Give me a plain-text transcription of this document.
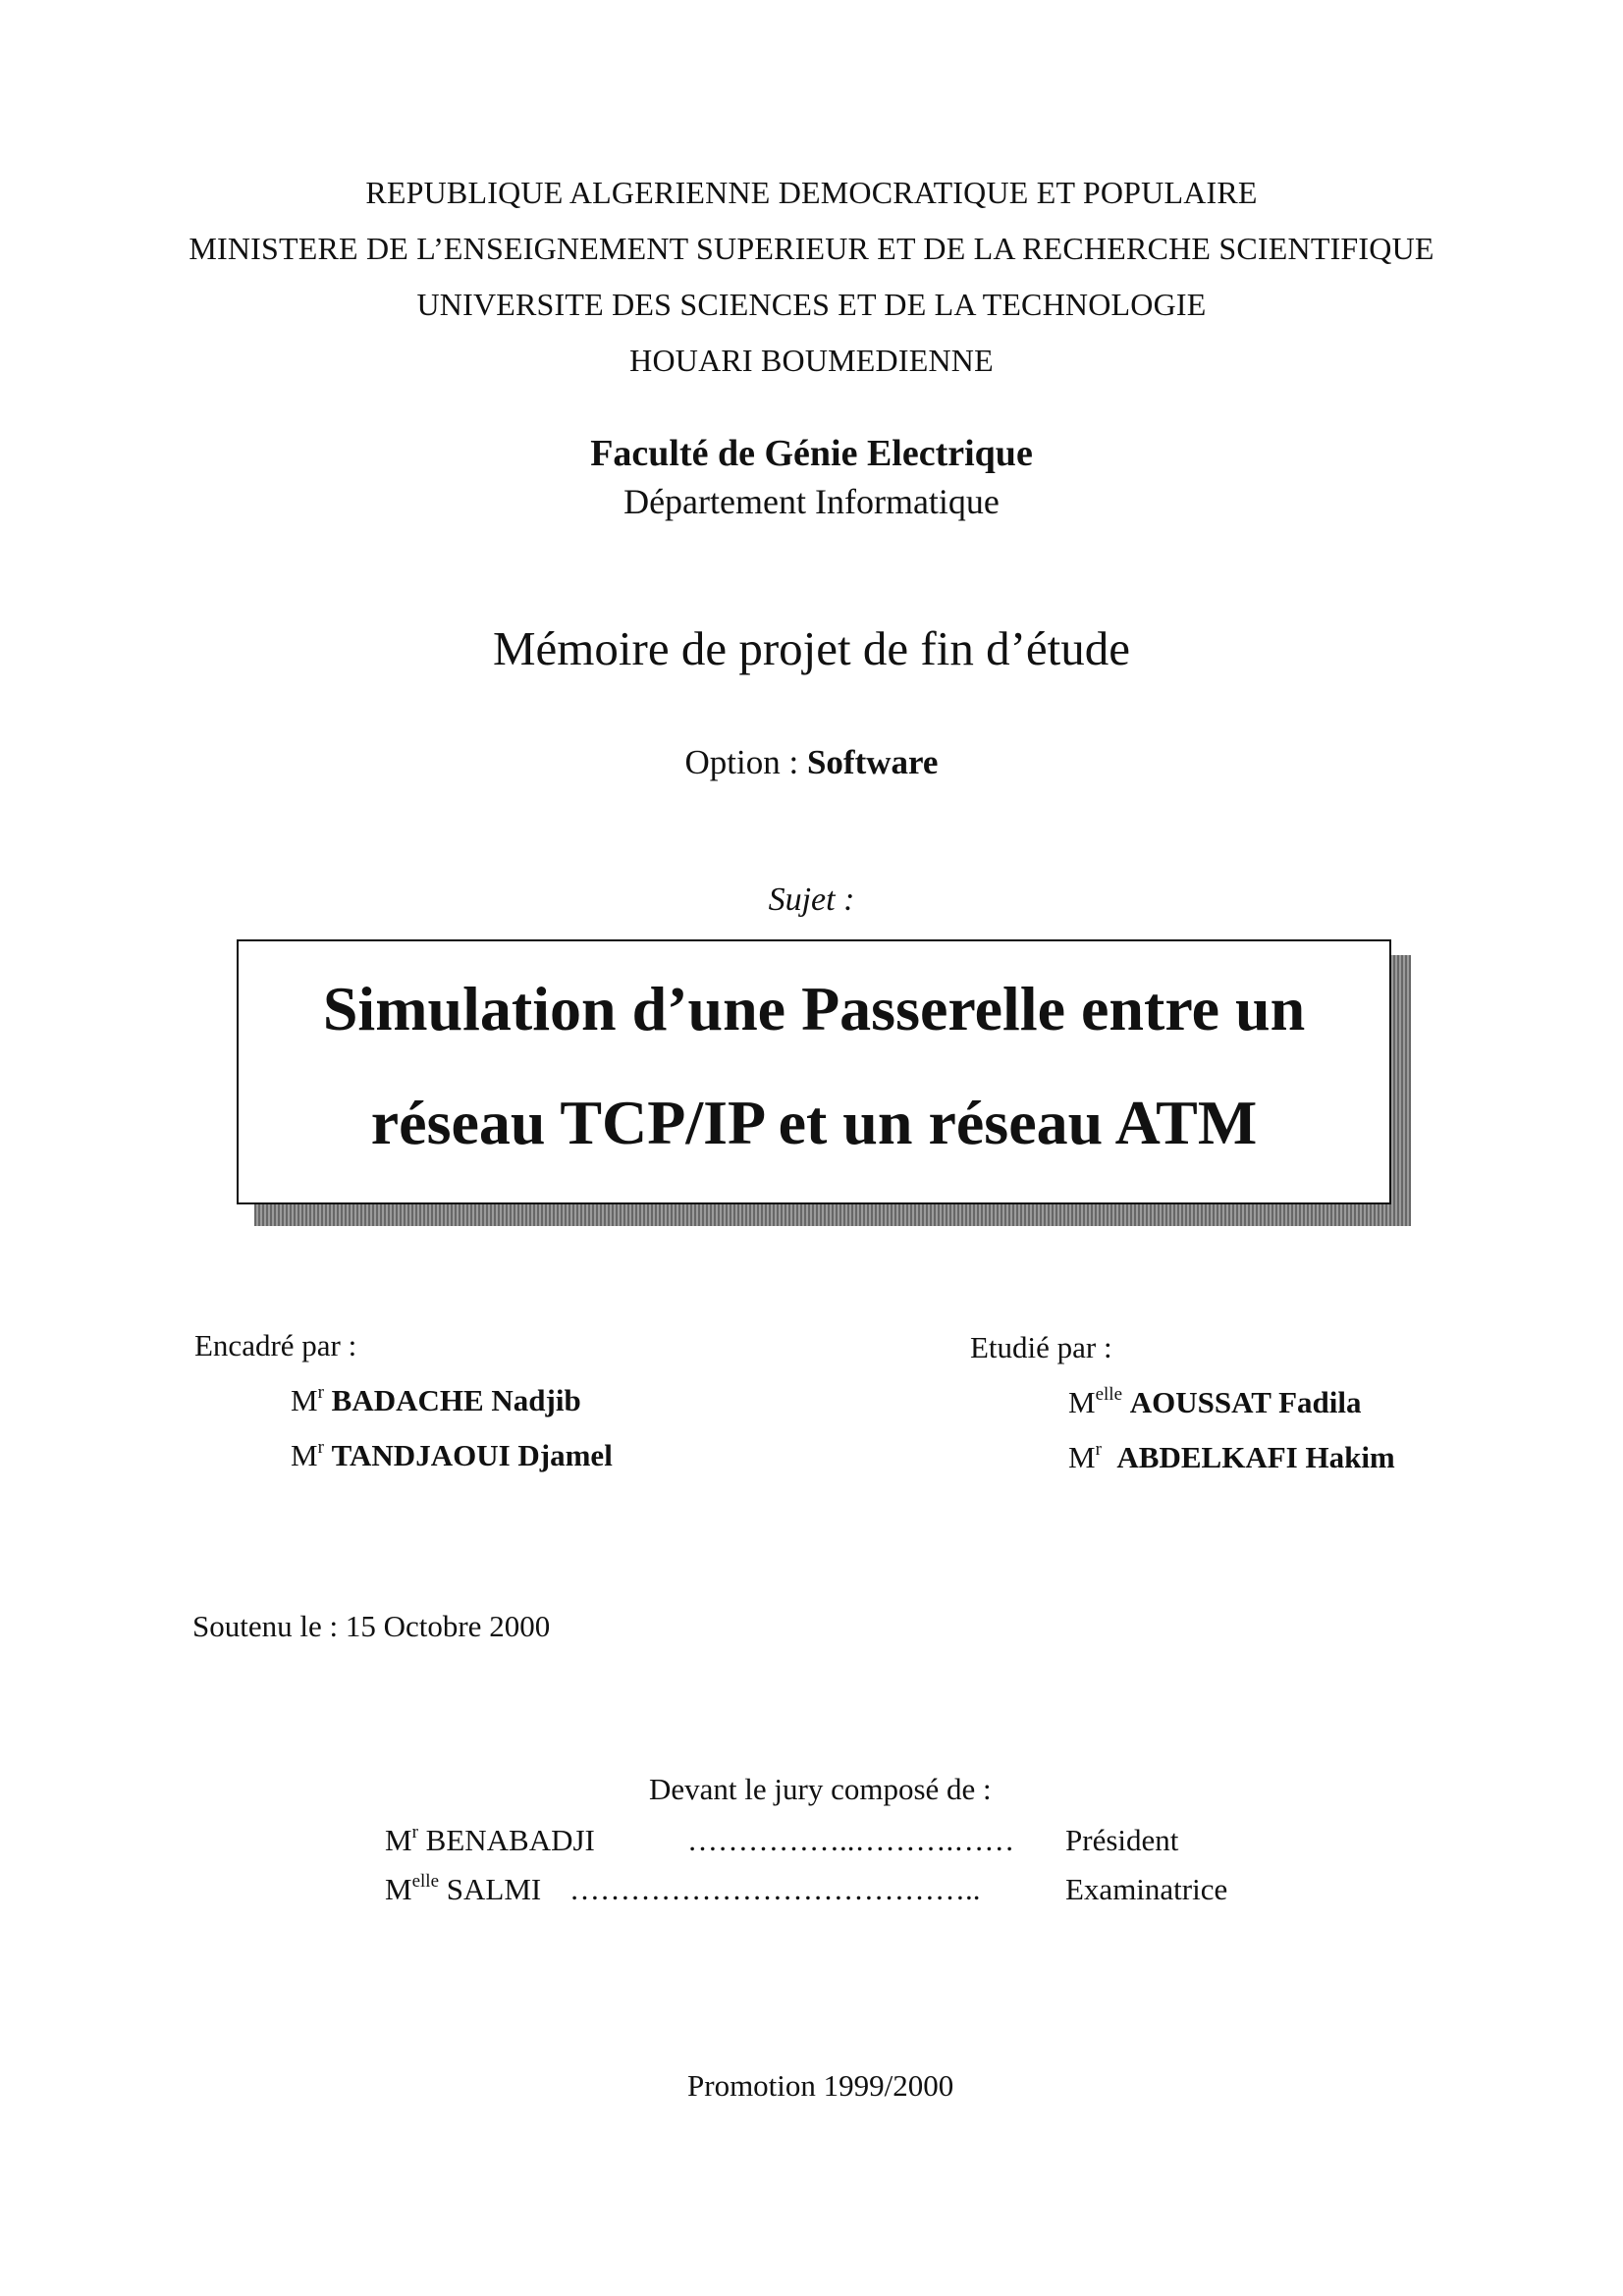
REPUBLIQUE ALGERIENNE DEMOCRATIQUE ET POPULAIRE
MINISTERE DE L’ENSEIGNEMENT SUPERIEUR ET DE LA RECHERCHE SCIENTIFIQUE
UNIVERSITE DES SCIENCES ET DE LA TECHNOLOGIE
HOUARI BOUMEDIENNE
Faculté de Génie Electrique
Département Informatique
Mémoire de projet de fin d’étude
Option : Software
Sujet :
Simulation d’une Passerelle entre un
réseau TCP/IP et un réseau ATM
Encadré par :
$M^r$ BADACHE Nadjib
$M^r$ TANDJAOUI Djamel
Etudié par :
$M^{elle}$ AOUSSAT Fadila
$M^r$ ABDELKAFI Hakim
Soutenu le : 15 Octobre 2000
Devant le jury composé de :
$M^r$ BENABADJI	……………..……….…… Président
$M^{elle}$ SALMI …………………………………..	Examinatrice
Promotion 1999/2000
